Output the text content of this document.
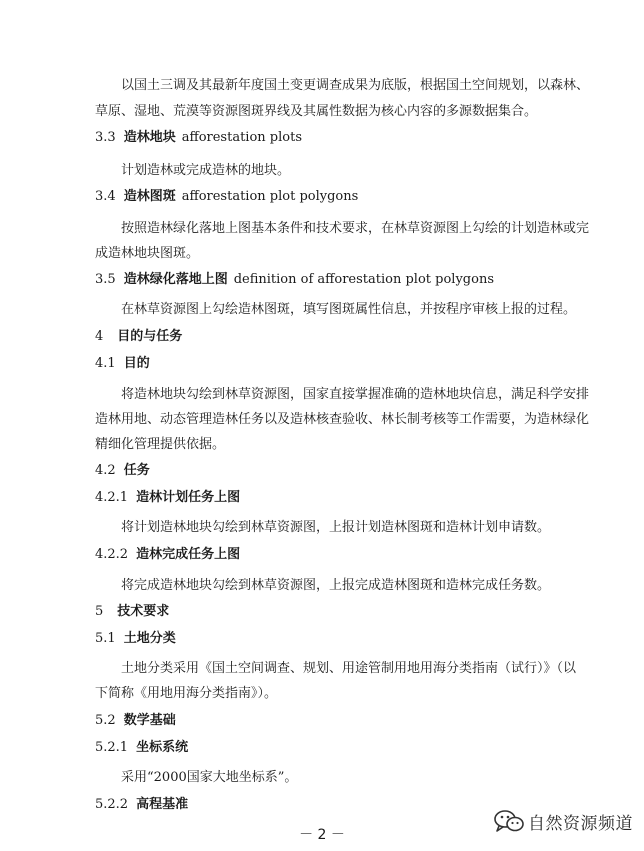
以国土三调及其最新年度国土变更调查成果为底版，根据国土空间规划，以森林、
草原、湿地、荒漠等资源图斑界线及其属性数据为核心内容的多源数据集合。
3.3 造林地块 afforestation plots
计划造林或完成造林的地块。
3.4 造林图斑 afforestation plot polygons
按照造林绿化落地上图基本条件和技术要求，在林草资源图上勾绘的计划造林或完
成造林地块图斑。
3.5 造林绿化落地上图 definition of afforestation plot polygons
在林草资源图上勾绘造林图斑，填写图斑属性信息，并按程序审核上报的过程。
4 目的与任务
4.1 目的
将造林地块勾绘到林草资源图，国家直接掌握准确的造林地块信息，满足科学安排
造林用地、动态管理造林任务以及造林核查验收、林长制考核等工作需要，为造林绿化
精细化管理提供依据。
4.2 任务
4.2.1 造林计划任务上图
将计划造林地块勾绘到林草资源图，上报计划造林图斑和造林计划申请数。
4.2.2 造林完成任务上图
将完成造林地块勾绘到林草资源图，上报完成造林图斑和造林完成任务数。
5 技术要求
5.1 土地分类
土地分类采用《国土空间调查、规划、用途管制用地用海分类指南（试行）》（以
下简称《用地用海分类指南》）。
5.2 数学基础
5.2.1 坐标系统
采用“2000国家大地坐标系”。
5.2.2 高程基准
－ 2 －
自然资源频道
